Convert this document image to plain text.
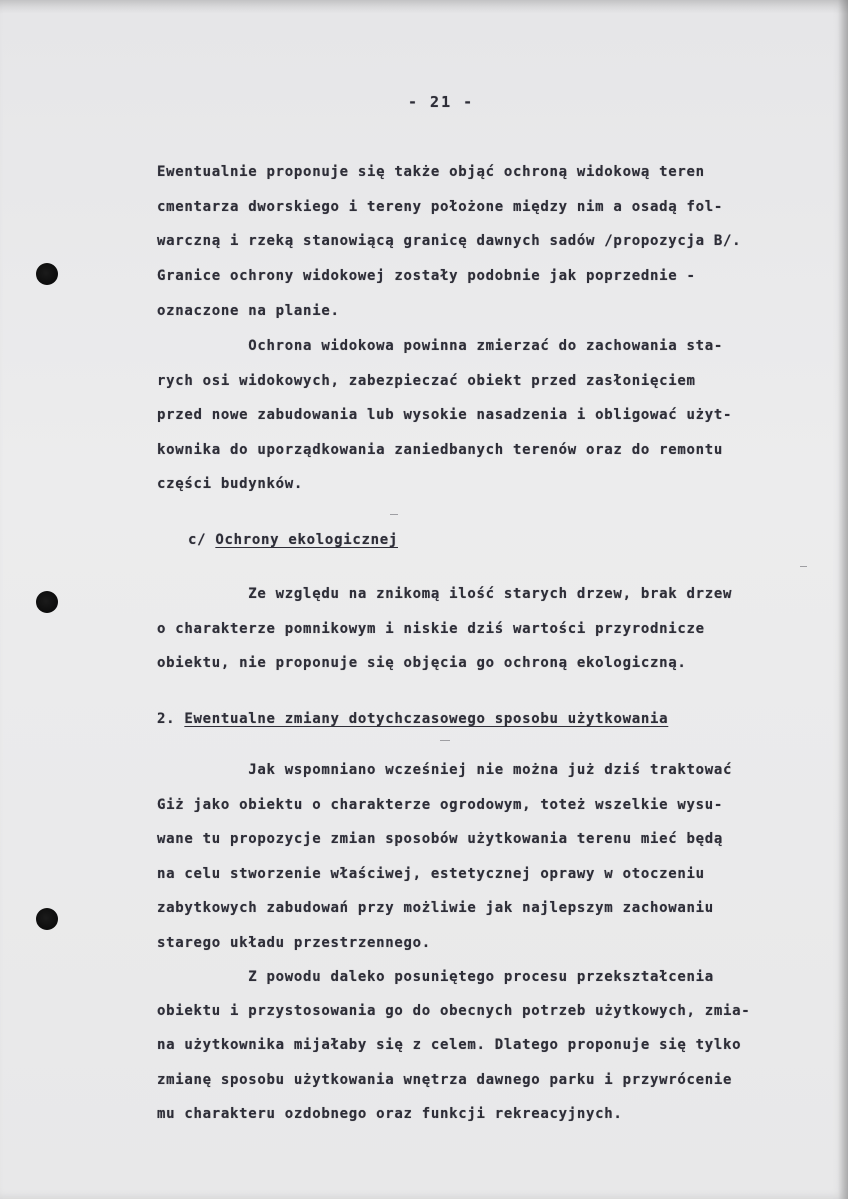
- 21 -

Ewentualnie proponuje się także objąć ochroną widokową teren

cmentarza dworskiego i tereny położone między nim a osadą fol-

warczną i rzeką stanowiącą granicę dawnych sadów /propozycja B/.

Granice ochrony widokowej zostały podobnie jak poprzednie -

oznaczone na planie.

Ochrona widokowa powinna zmierzać do zachowania sta-

rych osi widokowych, zabezpieczać obiekt przed zasłonięciem

przed nowe zabudowania lub wysokie nasadzenia i obligować użyt-

kownika do uporządkowania zaniedbanych terenów oraz do remontu

części budynków.

c/ Ochrony ekologicznej

Ze względu na znikomą ilość starych drzew, brak drzew

o charakterze pomnikowym i niskie dziś wartości przyrodnicze

obiektu, nie proponuje się objęcia go ochroną ekologiczną.

2. Ewentualne zmiany dotychczasowego sposobu użytkowania

Jak wspomniano wcześniej nie można już dziś traktować

Giż jako obiektu o charakterze ogrodowym, toteż wszelkie wysu-

wane tu propozycje zmian sposobów użytkowania terenu mieć będą

na celu stworzenie właściwej, estetycznej oprawy w otoczeniu

zabytkowych zabudowań przy możliwie jak najlepszym zachowaniu

starego układu przestrzennego.

Z powodu daleko posuniętego procesu przekształcenia

obiektu i przystosowania go do obecnych potrzeb użytkowych, zmia-

na użytkownika mijałaby się z celem. Dlatego proponuje się tylko

zmianę sposobu użytkowania wnętrza dawnego parku i przywrócenie

mu charakteru ozdobnego oraz funkcji rekreacyjnych.
